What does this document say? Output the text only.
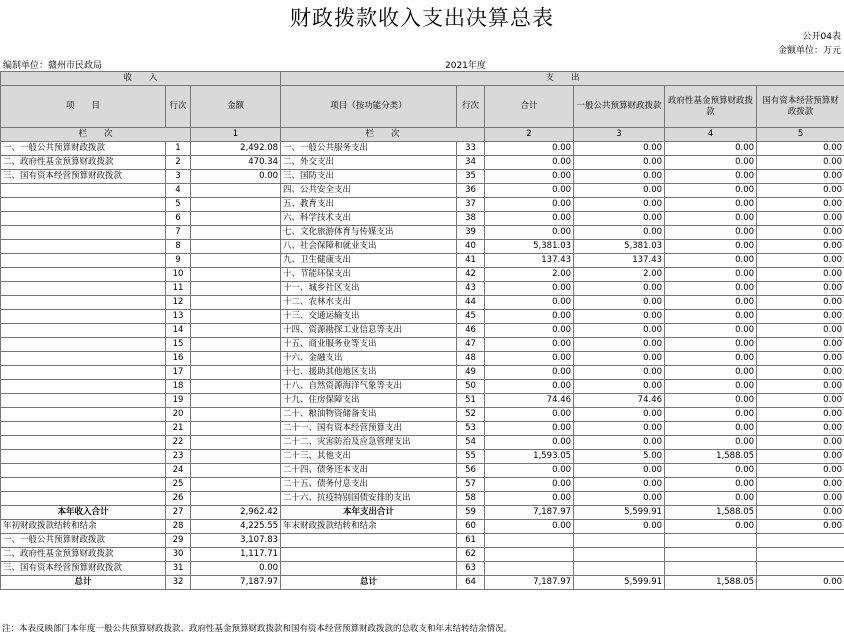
财政拨款收入支出决算总表
公开04表
金额单位：万元
编制单位：赣州市民政局	2021年度
收　　入			支　　出					
项　　目	行次	金额	项目（按功能分类）	行次	合计	一般公共预算财政拨款	政府性基金预算财政拨款	国有资本经营预算财政拨款
栏　　次		1	栏　　次		2	3	4	5
一、一般公共预算财政拨款	1	2,492.08	一、一般公共服务支出	33	0.00	0.00	0.00	0.00
二、政府性基金预算财政拨款	2	470.34	二、外交支出	34	0.00	0.00	0.00	0.00
三、国有资本经营预算财政拨款	3	0.00	三、国防支出	35	0.00	0.00	0.00	0.00
	4		四、公共安全支出	36	0.00	0.00	0.00	0.00
	5		五、教育支出	37	0.00	0.00	0.00	0.00
	6		六、科学技术支出	38	0.00	0.00	0.00	0.00
	7		七、文化旅游体育与传媒支出	39	0.00	0.00	0.00	0.00
	8		八、社会保障和就业支出	40	5,381.03	5,381.03	0.00	0.00
	9		九、卫生健康支出	41	137.43	137.43	0.00	0.00
	10		十、节能环保支出	42	2.00	2.00	0.00	0.00
	11		十一、城乡社区支出	43	0.00	0.00	0.00	0.00
	12		十二、农林水支出	44	0.00	0.00	0.00	0.00
	13		十三、交通运输支出	45	0.00	0.00	0.00	0.00
	14		十四、资源勘探工业信息等支出	46	0.00	0.00	0.00	0.00
	15		十五、商业服务业等支出	47	0.00	0.00	0.00	0.00
	16		十六、金融支出	48	0.00	0.00	0.00	0.00
	17		十七、援助其他地区支出	49	0.00	0.00	0.00	0.00
	18		十八、自然资源海洋气象等支出	50	0.00	0.00	0.00	0.00
	19		十九、住房保障支出	51	74.46	74.46	0.00	0.00
	20		二十、粮油物资储备支出	52	0.00	0.00	0.00	0.00
	21		二十一、国有资本经营预算支出	53	0.00	0.00	0.00	0.00
	22		二十二、灾害防治及应急管理支出	54	0.00	0.00	0.00	0.00
	23		二十三、其他支出	55	1,593.05	5.00	1,588.05	0.00
	24		二十四、债务还本支出	56	0.00	0.00	0.00	0.00
	25		二十五、债务付息支出	57	0.00	0.00	0.00	0.00
	26		二十六、抗疫特别国债安排的支出	58	0.00	0.00	0.00	0.00
本年收入合计	27	2,962.42	本年支出合计	59	7,187.97	5,599.91	1,588.05	0.00
年初财政拨款结转和结余	28	4,225.55	年末财政拨款结转和结余	60	0.00	0.00	0.00	0.00
一、一般公共预算财政拨款	29	3,107.83		61				
二、政府性基金预算财政拨款	30	1,117.71		62				
三、国有资本经营预算财政拨款	31	0.00		63				
总计	32	7,187.97	总计	64	7,187.97	5,599.91	1,588.05	0.00
注：本表反映部门本年度一般公共预算财政拨款、政府性基金预算财政拨款和国有资本经营预算财政拨款的总收支和年末结转结余情况。
